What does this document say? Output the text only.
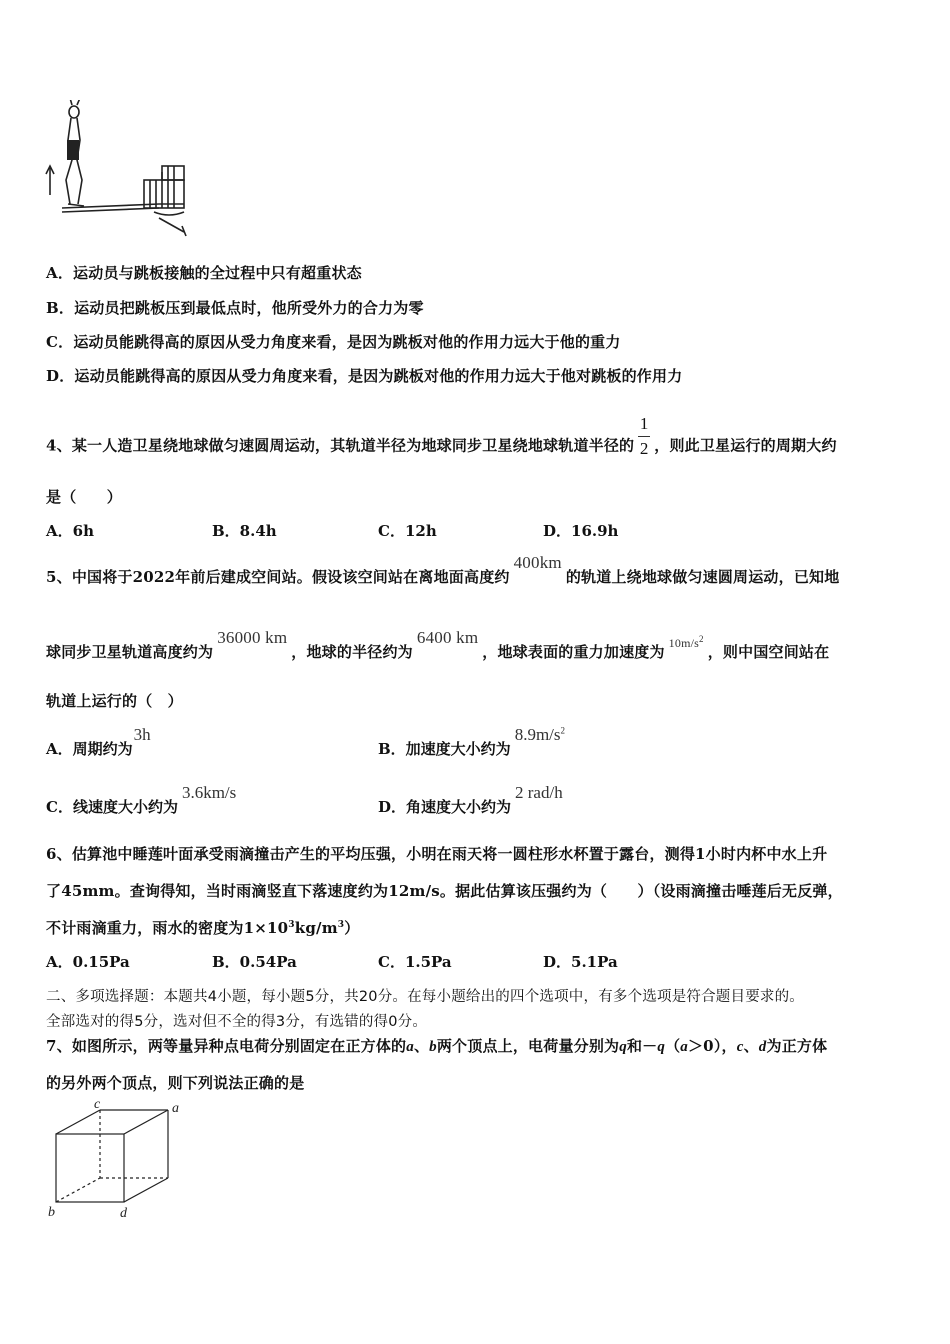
A．运动员与跳板接触的全过程中只有超重状态
B．运动员把跳板压到最低点时，他所受外力的合力为零
C．运动员能跳得高的原因从受力角度来看，是因为跳板对他的作用力远大于他的重力
D．运动员能跳得高的原因从受力角度来看，是因为跳板对他的作用力远大于他对跳板的作用力
4、某一人造卫星绕地球做匀速圆周运动，其轨道半径为地球同步卫星绕地球轨道半径的 $\frac{1}{2}$ ，则此卫星运行的周期大约
是（　　）
A．6h	B．8.4h	C．12h	D．16.9h
5、中国将于2022年前后建成空间站。假设该空间站在离地面高度约400km的轨道上绕地球做匀速圆周运动，已知地
球同步卫星轨道高度约为36000 km，地球的半径约为6400 km，地球表面的重力加速度为 $10m/s^2$，则中国空间站在
轨道上运行的（　）
A．周期约为3h
B．加速度大小约为$8.9m/s^2$
C．线速度大小约为3.6km/s
D．角速度大小约为2 rad/h
6、估算池中睡莲叶面承受雨滴撞击产生的平均压强，小明在雨天将一圆柱形水杯置于露台，测得1小时内杯中水上升
了45mm。查询得知，当时雨滴竖直下落速度约为12m/s。据此估算该压强约为（　　）（设雨滴撞击唾莲后无反弹，
不计雨滴重力，雨水的密度为$1\times 10^3kg/m^3$）
A．0.15Pa	B．0.54Pa	C．1.5Pa	D．5.1Pa
二、多项选择题：本题共4小题，每小题5分，共20分。在每小题给出的四个选项中，有多个选项是符合题目要求的。
全部选对的得5分，选对但不全的得3分，有选错的得0分。
7、如图所示，两等量异种点电荷分别固定在正方体的a、b两个顶点上，电荷量分别为q和－q（a＞0），c、d为正方体
的另外两个顶点，则下列说法正确的是
c	a
b	d
